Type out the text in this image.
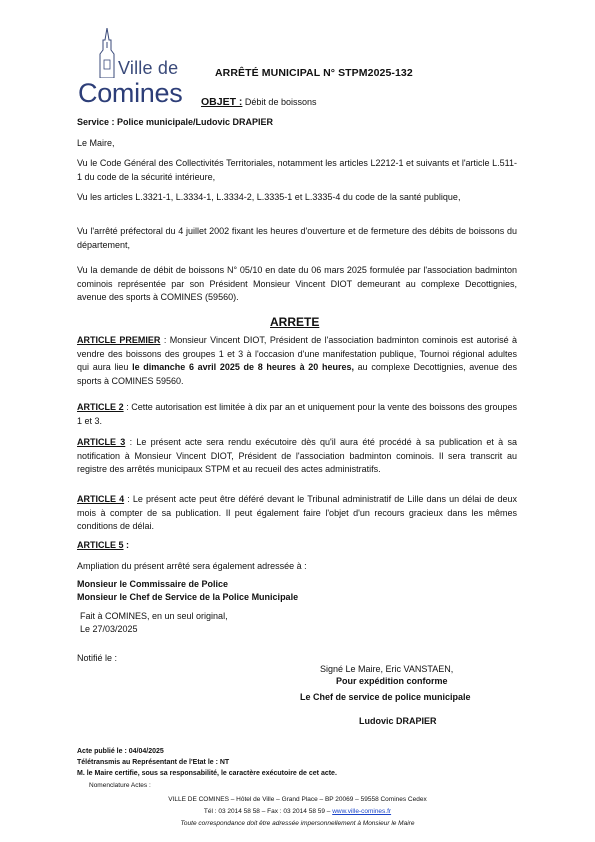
Ville de
Comines
ARRÊTÉ MUNICIPAL N° STPM2025-132
OBJET : Débit de boissons
Service : Police municipale/Ludovic DRAPIER
Le Maire,
Vu le Code Général des Collectivités Territoriales, notamment les articles L2212-1 et suivants et l'article L.511-1 du code de la sécurité intérieure,
Vu les articles L.3321-1, L.3334-1, L.3334-2, L.3335-1 et L.3335-4 du code de la santé publique,
Vu l'arrêté préfectoral du 4 juillet 2002 fixant les heures d'ouverture et de fermeture des débits de boissons du département,
Vu la demande de débit de boissons N° 05/10 en date du 06 mars 2025 formulée par l'association badminton cominois représentée par son Président Monsieur Vincent DIOT demeurant au complexe Decottignies, avenue des sports à COMINES (59560).
ARRETE
ARTICLE PREMIER : Monsieur Vincent DIOT, Président de l'association badminton cominois est autorisé à vendre des boissons des groupes 1 et 3 à l'occasion d'une manifestation publique, Tournoi régional adultes qui aura lieu le dimanche 6 avril 2025 de 8 heures à 20 heures, au complexe Decottignies, avenue des sports à COMINES 59560.
ARTICLE 2 : Cette autorisation est limitée à dix par an et uniquement pour la vente des boissons des groupes 1 et 3.
ARTICLE 3 : Le présent acte sera rendu exécutoire dès qu'il aura été procédé à sa publication et à sa notification à Monsieur Vincent DIOT, Président de l'association badminton cominois. Il sera transcrit au registre des arrêtés municipaux STPM et au recueil des actes administratifs.
ARTICLE 4 : Le présent acte peut être déféré devant le Tribunal administratif de Lille dans un délai de deux mois à compter de sa publication. Il peut également faire l'objet d'un recours gracieux dans les mêmes conditions de délai.
ARTICLE 5 :
Ampliation du présent arrêté sera également adressée à :
Monsieur le Commissaire de Police
Monsieur le Chef de Service de la Police Municipale
Fait à COMINES, en un seul original,
Le 27/03/2025
Notifié le :
Signé Le Maire, Eric VANSTAEN,
Pour expédition conforme
Le Chef de service de police municipale
Ludovic DRAPIER
Acte publié le : 04/04/2025
Télétransmis au Représentant de l'Etat le : NT
M. le Maire certifie, sous sa responsabilité, le caractère exécutoire de cet acte.
Nomenclature Actes :
VILLE DE COMINES – Hôtel de Ville – Grand Place – BP 20069 – 59558 Comines Cedex
Tél : 03 2014 58 58 – Fax : 03 2014 58 59 – www.ville-comines.fr
Toute correspondance doit être adressée impersonnellement à Monsieur le Maire
